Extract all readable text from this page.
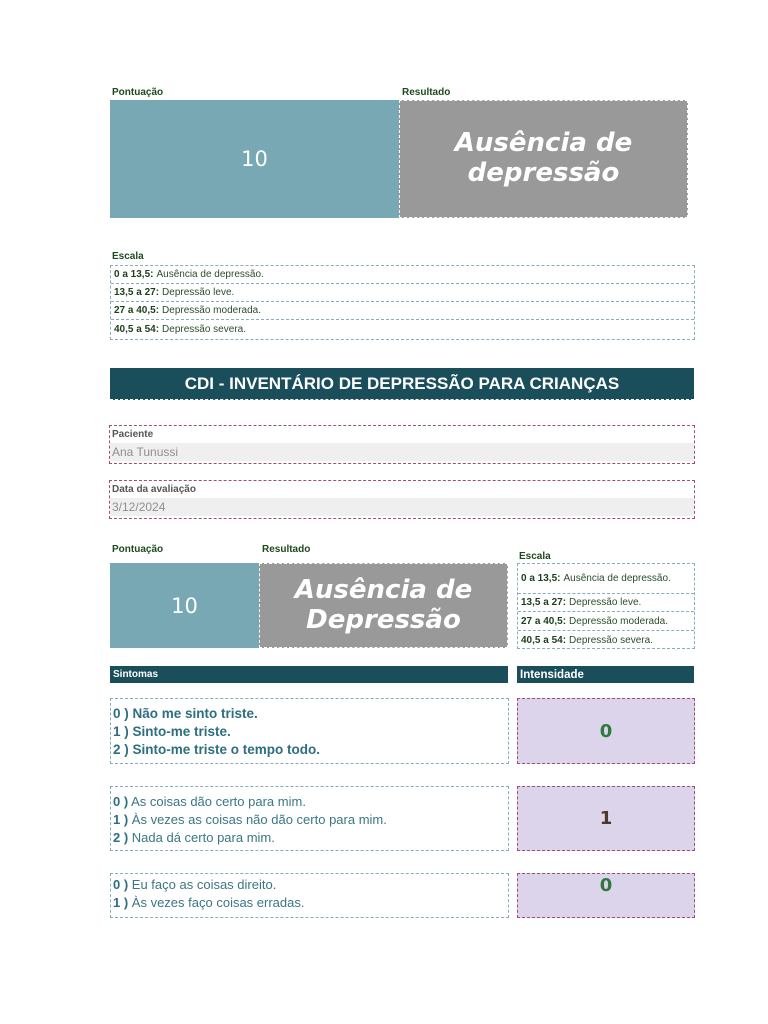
Pontuação	Resultado
10
Ausência de depressão
Escala
0 a 13,5: Ausência de depressão.
13,5 a 27: Depressão leve.
27 a 40,5: Depressão moderada.
40,5 a 54: Depressão severa.
CDI - INVENTÁRIO DE DEPRESSÃO PARA CRIANÇAS
Paciente
Ana Tunussi
Data da avaliação
3/12/2024
Pontuação	Resultado
10
Ausência de Depressão
Escala
0 a 13,5: Ausência de depressão.
13,5 a 27: Depressão leve.
27 a 40,5: Depressão moderada.
40,5 a 54: Depressão severa.
Sintomas	Intensidade
0 ) Não me sinto triste.
1 ) Sinto-me triste.
2 ) Sinto-me triste o tempo todo.
0
0 ) As coisas dão certo para mim.
1 ) Às vezes as coisas não dão certo para mim.
2 ) Nada dá certo para mim.
1
0 ) Eu faço as coisas direito.
1 ) Às vezes faço coisas erradas.
0
